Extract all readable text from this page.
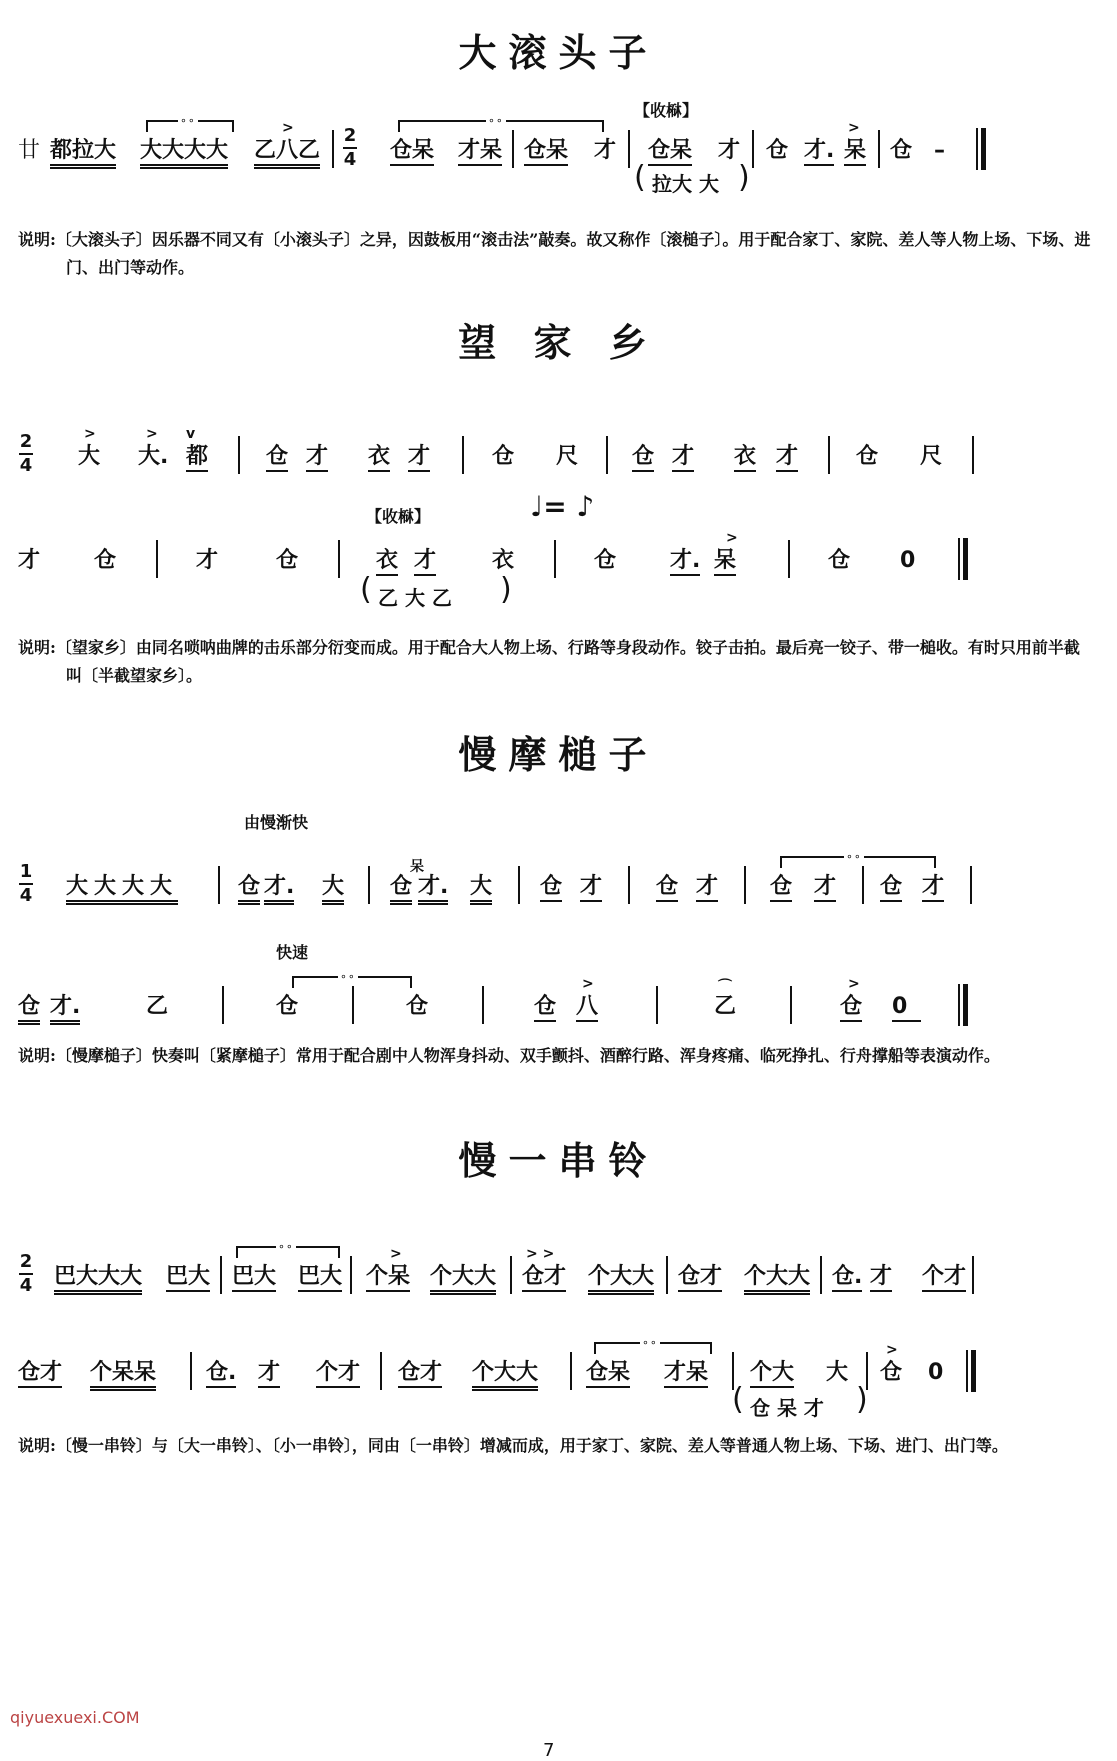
大滚头子
廿 都拉大
∘∘
大大大大
>
乙八乙
2
4
∘∘
仓呆 才呆 仓呆 才
【收㮟】
仓呆 才 仓 才.
>
呆 仓 –
( 拉大 大 )
说明:〔大滚头子〕因乐器不同又有〔小滚头子〕之异，因鼓板用“滚击法”敲奏。故又称作〔滚槌子〕。用于配合家丁、家院、差人等人物上场、下场、进门、出门等动作。
望 家 乡
2
4
>
大
>
大.
v
都	仓 才 衣 才	仓 尺 仓 才 衣 才	仓 尺
才 仓	才	仓
【收㮟】
衣 才	衣
♩= ♪
仓 才.
>
呆	仓 0
( 乙 大 乙 )
说明:〔望家乡〕由同名唢呐曲牌的击乐部分衍变而成。用于配合大人物上场、行路等身段动作。铰子击拍。最后亮一铰子、带一槌收。有时只用前半截叫〔半截望家乡〕。
慢摩槌子
1
4
由慢渐快
大大大大	仓 才. 大
呆
仓 才. 大 仓 才 仓 才
∘∘
仓 才 仓 才
快速
仓 才.	乙
∘∘
仓	仓	仓
>
八
⌒
乙
>
仓 0
说明:〔慢摩槌子〕快奏叫〔紧摩槌子〕常用于配合剧中人物浑身抖动、双手颤抖、酒醉行路、浑身疼痛、临死挣扎、行舟撑船等表演动作。
慢一串铃
2
4 巴大大大 巴大
∘∘
巴大 巴大
>
个呆 个大大
> >
仓才 个大大 仓才 个大大 仓. 才 个才
仓才 个呆呆 仓. 才 个才 仓才 个大大
∘∘
仓呆 才呆 个大 大
>
仓 0
( 仓 呆 才 )
说明:〔慢一串铃〕与〔大一串铃〕、〔小一串铃〕，同由〔一串铃〕增减而成，用于家丁、家院、差人等普通人物上场、下场、进门、出门等。
qiyuexuexi.COM
7
